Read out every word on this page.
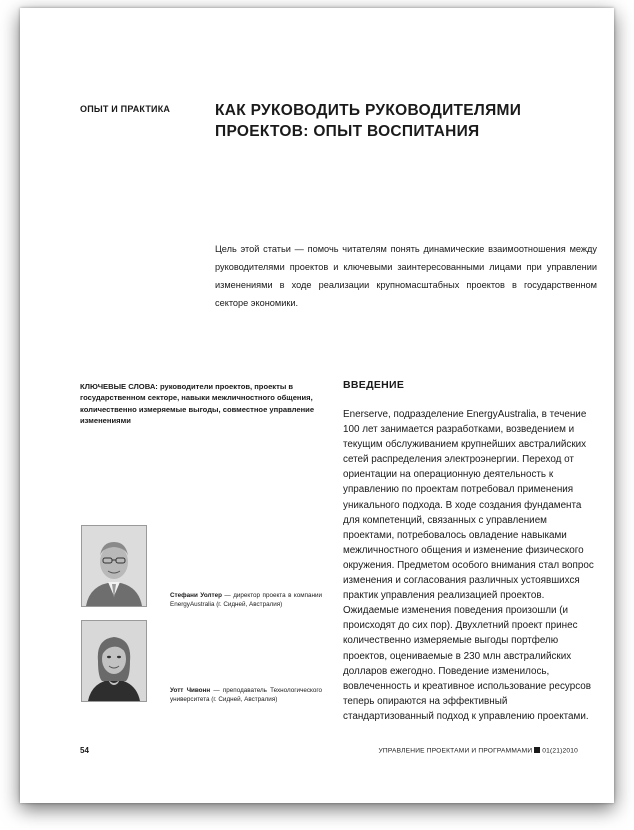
ОПЫТ И ПРАКТИКА	КАК РУКОВОДИТЬ РУКОВОДИТЕЛЯМИ
ПРОЕКТОВ: ОПЫТ ВОСПИТАНИЯ
Цель этой статьи — помочь читателям понять динамические взаимоотношения между руководителями проектов и ключевыми заинтересованными лицами при управлении изменениями в ходе реализации крупномасштабных проектов в государственном секторе экономики.
КЛЮЧЕВЫЕ СЛОВА: руководители проектов, проекты в государственном секторе, навыки межличностного общения, количественно измеряемые выгоды, совместное управление изменениями
ВВЕДЕНИЕ
Enerserve, подразделение EnergyAustralia, в течение 100 лет занимается разработками, возведением и текущим обслуживанием крупнейших австралийских сетей распределения электроэнергии. Переход от ориентации на операционную деятельность к управлению по проектам потребовал применения уникального подхода. В ходе создания фундамента для компетенций, связанных с управлением проектами, потребовалось овладение навыками межличностного общения и изменение физического окружения. Предметом особого внимания стал вопрос изменения и согласования различных устоявшихся практик управления реализацией проектов. Ожидаемые изменения поведения произошли (и происходят до сих пор). Двухлетний проект принес количественно измеряемые выгоды портфелю проектов, оцениваемые в 230 млн австралийских долларов ежегодно. Поведение изменилось, вовлеченность и креативное использование ресурсов теперь опираются на эффективный стандартизованный подход к управлению проектами.
Стефани Уолтер — директор проекта в компании EnergyAustralia (г. Сидней, Австралия)
Уотт Чивонн — преподаватель Технологического университета (г. Сидней, Австралия)
54	УПРАВЛЕНИЕ ПРОЕКТАМИ И ПРОГРАММАМИ 01(21)2010
